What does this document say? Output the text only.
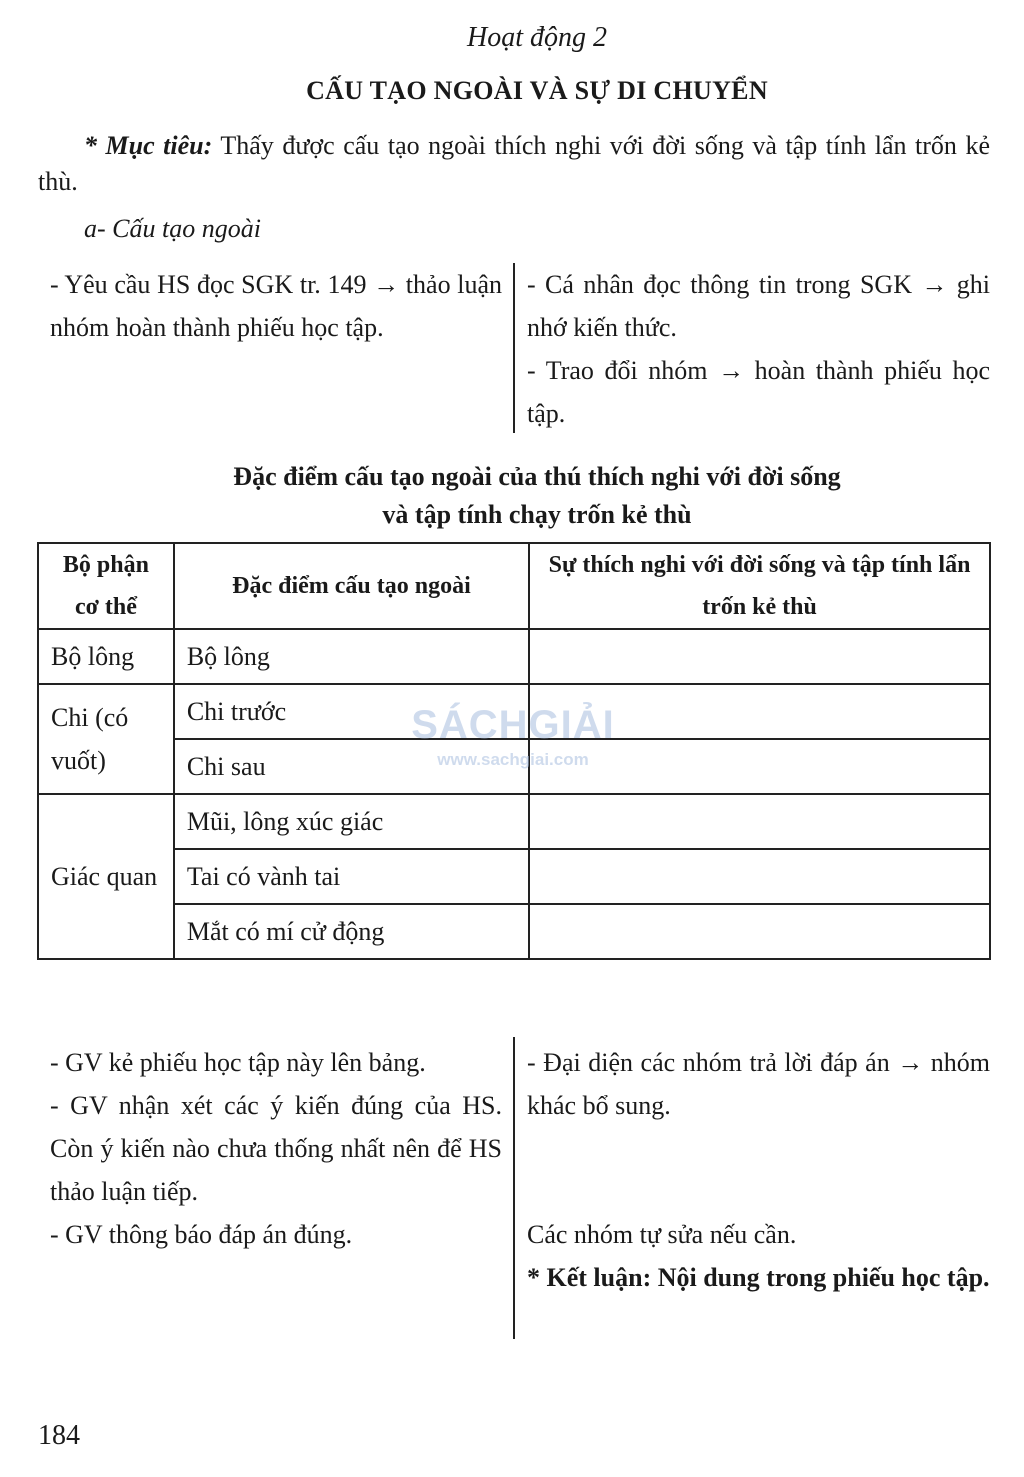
Hoạt động 2
CẤU TẠO NGOÀI VÀ SỰ DI CHUYỂN
* Mục tiêu: Thấy được cấu tạo ngoài thích nghi với đời sống và tập tính lẩn trốn kẻ thù.
a- Cấu tạo ngoài
- Yêu cầu HS đọc SGK tr. 149 → thảo luận nhóm hoàn thành phiếu học tập.
- Cá nhân đọc thông tin trong SGK → ghi nhớ kiến thức.
- Trao đổi nhóm → hoàn thành phiếu học tập.
Đặc điểm cấu tạo ngoài của thú thích nghi với đời sống
và tập tính chạy trốn kẻ thù
Bộ phận cơ thể	Đặc điểm cấu tạo ngoài	Sự thích nghi với đời sống và tập tính lẩn trốn kẻ thù
Bộ lông	Bộ lông	
Chi (có vuốt)	Chi trước	
	Chi sau	
Giác quan	Mũi, lông xúc giác	
	Tai có vành tai	
	Mắt có mí cử động	
SÁCHGIẢI
www.sachgiai.com
- GV kẻ phiếu học tập này lên bảng.
- GV nhận xét các ý kiến đúng của HS. Còn ý kiến nào chưa thống nhất nên để HS thảo luận tiếp.
- GV thông báo đáp án đúng.
- Đại diện các nhóm trả lời đáp án → nhóm khác bổ sung.
Các nhóm tự sửa nếu cần.
* Kết luận: Nội dung trong phiếu học tập.
184
